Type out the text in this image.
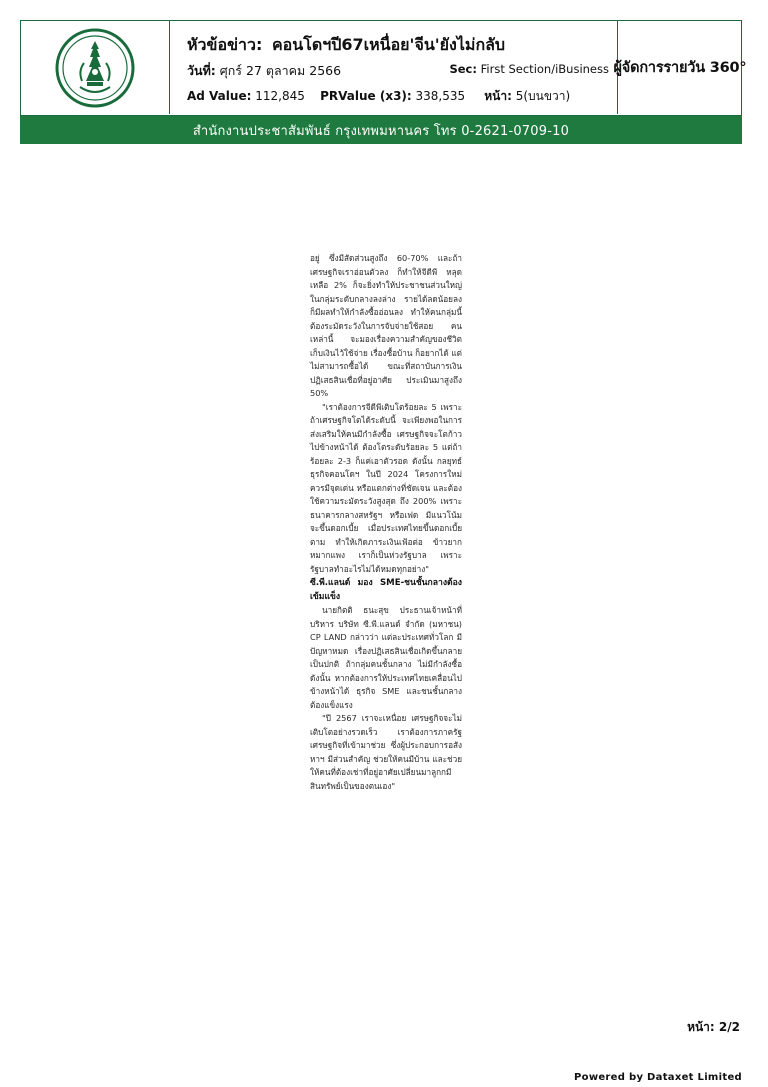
หัวข้อข่าว: คอนโดฯปี67เหนื่อย'จีน'ยังไม่กลับ
วันที่: ศุกร์ 27 ตุลาคม 2566	Sec: First Section/iBusiness
Ad Value: 112,845 PRValue (x3): 338,535 หน้า: 5(บนขวา)
ผู้จัดการรายวัน 360°
สำนักงานประชาสัมพันธ์ กรุงเทพมหานคร โทร 0-2621-0709-10

อยู่ ซึ่งมีสัดส่วนสูงถึง 60-70% และถ้าเศรษฐกิจเราอ่อนตัวลง ก็ทำให้จีดีพี หลุดเหลือ 2% ก็จะยิ่งทำให้ประชาชนส่วนใหญ่ในกลุ่มระดับกลางลงล่าง รายได้ลดน้อยลง ก็มีผลทำให้กำลังซื้ออ่อนลง ทำให้คนกลุ่มนี้ ต้องระมัดระวังในการจับจ่ายใช้สอย คนเหล่านี้ จะมองเรื่องความสำคัญของชีวิต เก็บเงินไว้ใช้จ่าย เรื่องซื้อบ้าน ก็อยากได้ แต่ไม่สามารถซื้อได้ ขณะที่สถาบันการเงินปฏิเสธสินเชื่อที่อยู่อาศัย ประเมินมาสูงถึง 50%

"เราต้องการจีดีพีเติบโตร้อยละ 5 เพราะถ้าเศรษฐกิจโตได้ระดับนี้ จะเพียงพอในการส่งเสริมให้คนมีกำลังซื้อ เศรษฐกิจจะโตก้าวไปข้างหน้าได้ ต้องโตระดับร้อยละ 5 แต่ถ้าร้อยละ 2-3 ก็แค่เอาตัวรอด ดังนั้น กลยุทธ์ธุรกิจคอนโดฯ ในปี 2024 โครงการใหม่ ควรมีจุดเด่น หรือแตกต่างที่ชัดเจน และต้องใช้ความระมัดระวังสูงสุด ถึง 200% เพราะธนาคารกลางสหรัฐฯ หรือเฟด มีแนวโน้ม จะขึ้นดอกเบี้ย เมื่อประเทศไทยขึ้นดอกเบี้ยตาม ทำให้เกิดภาระเงินเฟ้อต่อ ข้าวยากหมากแพง เราก็เป็นห่วงรัฐบาล เพราะรัฐบาลทำอะไรไม่ได้หมดทุกอย่าง"

ซี.พี.แลนด์ มอง SME-ชนชั้นกลางต้องเข้มแข็ง

นายกิตติ ธนะสุข ประธานเจ้าหน้าที่บริหาร บริษัท ซี.พี.แลนด์ จำกัด (มหาชน) CP LAND กล่าวว่า แต่ละประเทศทั่วโลก มีปัญหาหมด เรื่องปฏิเสธสินเชื่อเกิดขึ้นกลายเป็นปกติ ถ้ากลุ่มคนชั้นกลาง ไม่มีกำลังซื้อ ดังนั้น หากต้องการให้ประเทศไทยเคลื่อนไปข้างหน้าได้ ธุรกิจ SME และชนชั้นกลาง ต้องแข็งแรง

"ปี 2567 เราจะเหนื่อย เศรษฐกิจจะไม่เติบโตอย่างรวดเร็ว เราต้องการภาครัฐ เศรษฐกิจที่เข้ามาช่วย ซึ่งผู้ประกอบการอสังหาฯ มีส่วนสำคัญ ช่วยให้คนมีบ้าน และช่วยให้คนที่ต้องเช่าที่อยู่อาศัยเปลี่ยนมาลูกกมีสินทรัพย์เป็นของตนเอง"

หน้า: 2/2
Powered by Dataxet Limited
